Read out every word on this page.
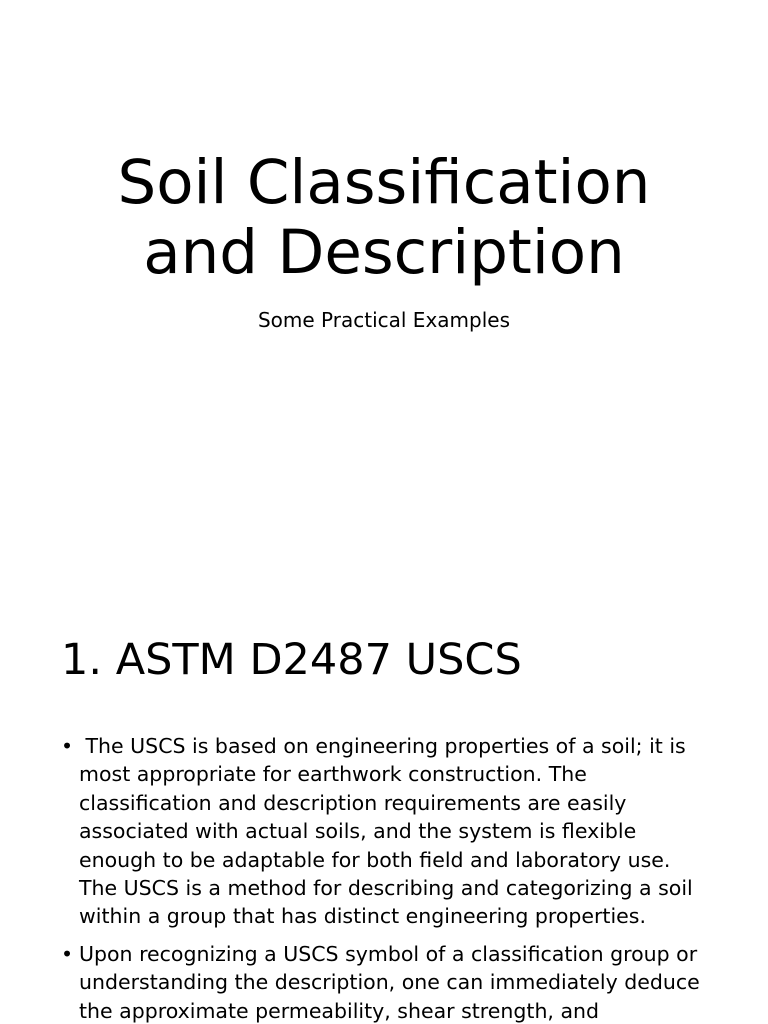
Soil Classification
and Description

Some Practical Examples

1. ASTM D2487 USCS
• The USCS is based on engineering properties of a soil; it is most appropriate for earthwork construction. The classification and description requirements are easily associated with actual soils, and the system is flexible enough to be adaptable for both field and laboratory use. The USCS is a method for describing and categorizing a soil within a group that has distinct engineering properties.
• Upon recognizing a USCS symbol of a classification group or understanding the description, one can immediately deduce the approximate permeability, shear strength, and
